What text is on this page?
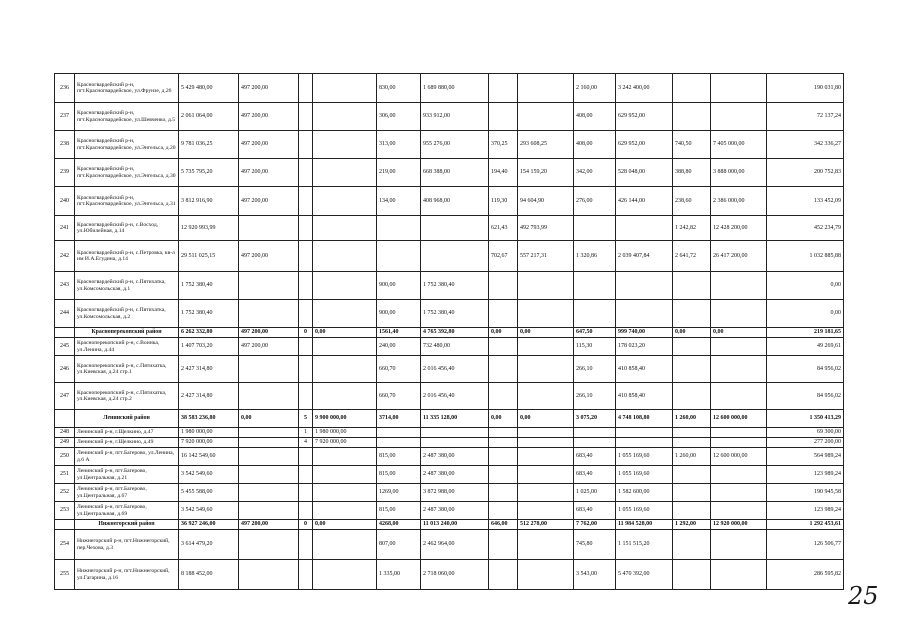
236	Красногвардейский р-н, пгт.Красногвардейское, ул.Фрунзе, д.26	5 429 480,00	497 200,00			830,00	1 689 880,00			2 160,00	3 242 400,00			190 031,80
237	Красногвардейский р-н, пгт.Красногвардейское, ул.Шевченко, д.5	2 061 064,00	497 200,00			306,00	933 912,00			408,00	629 952,00			72 137,24
238	Красногвардейский р-н, пгт.Красногвардейское, ул.Энгельса, д.20	9 781 036,25	497 200,00			313,00	955 276,00	370,25	293 608,25	408,00	629 952,00	740,50	7 405 000,00	342 336,27
239	Красногвардейский р-н, пгт.Красногвардейское, ул.Энгельса, д.30	5 735 795,20	497 200,00			219,00	668 388,00	194,40	154 159,20	342,00	528 048,00	388,80	3 888 000,00	200 752,83
240	Красногвардейский р-н, пгт.Красногвардейское, ул.Энгельса, д.31	3 812 916,90	497 200,00			134,00	408 968,00	119,30	94 604,90	276,00	426 144,00	238,60	2 386 000,00	133 452,09
241	Красногвардейский р-н, с.Восход, ул.Юбилейная, д.14	12 920 993,99						621,43	492 793,99			1 242,82	12 428 200,00	452 234,79
242	Красногвардейский р-н, с.Петровка, кв-л им И.А.Егудина, д.14	29 511 025,15	497 200,00					702,67	557 217,31	1 320,86	2 039 407,84	2 641,72	26 417 200,00	1 032 885,88
243	Красногвардейский р-н, с.Пятихатка, ул.Комсомольская, д.1	1 752 380,40				900,00	1 752 380,40							0,00
244	Красногвардейский р-н, с.Пятихатка, ул.Комсомольская, д.2	1 752 380,40				900,00	1 752 380,40							0,00
	Красноперекопский район	6 262 332,80	497 200,00	0	0,00	1561,40	4 765 392,80	0,00	0,00	647,50	999 740,00	0,00	0,00	219 181,65
245	Красноперекопский р-н, с.Воинка, ул.Ленина, д.44	1 407 703,20	497 200,00			240,00	732 480,00			115,30	178 023,20			49 269,61
246	Красноперекопский р-н, с.Пятихатка, ул.Киевская, д.24 стр.1	2 427 314,80				660,70	2 016 456,40			266,10	410 858,40			84 956,02
247	Красноперекопский р-н, с.Пятихатка, ул.Киевская, д.24 стр.2	2 427 314,80				660,70	2 016 456,40			266,10	410 858,40			84 956,02
	Ленинский район	38 583 236,80	0,00	5	9 900 000,00	3714,00	11 335 128,00	0,00	0,00	3 075,20	4 748 108,80	1 260,00	12 600 000,00	1 350 413,29
248	Ленинский р-н, г.Щелкино, д.47	1 980 000,00		1	1 980 000,00									69 300,00
249	Ленинский р-н, г.Щелкино, д.49	7 920 000,00		4	7 920 000,00									277 200,00
250	Ленинский р-н, пгт.Багерово, ул.Ленина, д.6 А	16 142 549,60				815,00	2 487 380,00			683,40	1 055 169,60	1 260,00	12 600 000,00	564 989,24
251	Ленинский р-н, пгт.Багерово, ул.Центральная, д.21	3 542 549,60				815,00	2 487 380,00			683,40	1 055 169,60			123 989,24
252	Ленинский р-н, пгт.Багерово, ул.Центральная, д.67	5 455 588,00				1269,00	3 872 988,00			1 025,00	1 582 600,00			190 945,58
253	Ленинский р-н, пгт.Багерово, ул.Центральная, д.69	3 542 549,60				815,00	2 487 380,00			683,40	1 055 169,60			123 989,24
	Нижнегорский район	36 927 246,00	497 200,00	0	0,00	4268,00	11 013 240,00	646,00	512 278,00	7 762,00	11 984 528,00	1 292,00	12 920 000,00	1 292 453,61
254	Нижнегорский р-н, пгт.Нижнегорский, пер.Чехова, д.3	3 614 479,20				807,00	2 462 964,00			745,80	1 151 515,20			126 506,77
255	Нижнегорский р-н, пгт.Нижнегорский, ул.Гагарина, д.16	8 188 452,00				1 335,00	2 718 060,00			3 543,00	5 470 392,00			286 595,82
25
